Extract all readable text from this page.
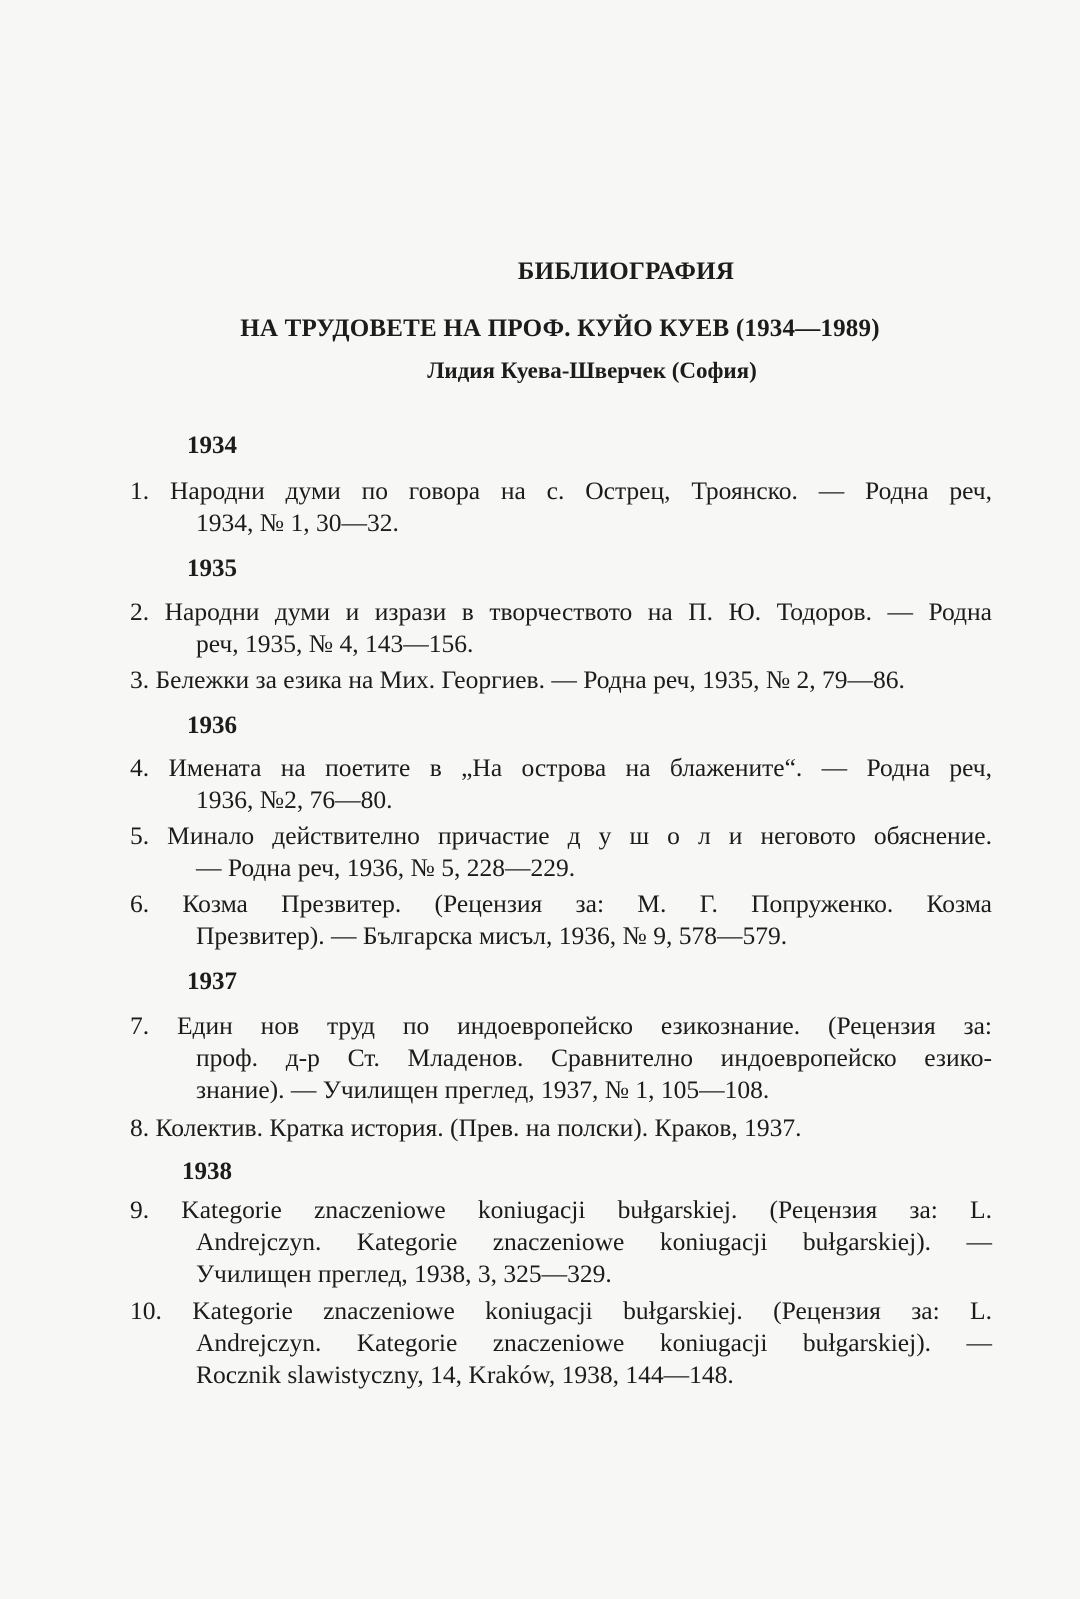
БИБЛИОГРАФИЯ
НА ТРУДОВЕТЕ НА ПРОФ. КУЙО КУЕВ (1934—1989)
Лидия Куева-Шверчек (София)
1934
1. Народни думи по говора на с. Острец, Троянско. — Родна реч,
1934, № 1, 30—32.
1935
2. Народни думи и изрази в творчеството на П. Ю. Тодоров. — Родна
реч, 1935, № 4, 143—156.
3. Бележки за езика на Мих. Георгиев. — Родна реч, 1935, № 2, 79—86.
1936
4. Имената на поетите в „На острова на блажените“. — Родна реч,
1936, №2, 76—80.
5. Минало действително причастие д у ш о л и неговото обяснение.
— Родна реч, 1936, № 5, 228—229.
6. Козма Презвитер. (Рецензия за: М. Г. Попруженко. Козма
Презвитер). — Българска мисъл, 1936, № 9, 578—579.
1937
7. Един нов труд по индоевропейско езикознание. (Рецензия за:
проф. д-р Ст. Младенов. Сравнително индоевропейско езико-
знание). — Училищен преглед, 1937, № 1, 105—108.
8. Колектив. Кратка история. (Прев. на полски). Краков, 1937.
1938
9. Kategorie znaczeniowe koniugacji bułgarskiej. (Рецензия за: L.
Andrejczyn. Kategorie znaczeniowe koniugacji bułgarskiej). —
Училищен преглед, 1938, 3, 325—329.
10. Kategorie znaczeniowe koniugacji bułgarskiej. (Рецензия за: L.
Andrejczyn. Kategorie znaczeniowe koniugacji bułgarskiej). —
Rocznik slawistyczny, 14, Kraków, 1938, 144—148.
